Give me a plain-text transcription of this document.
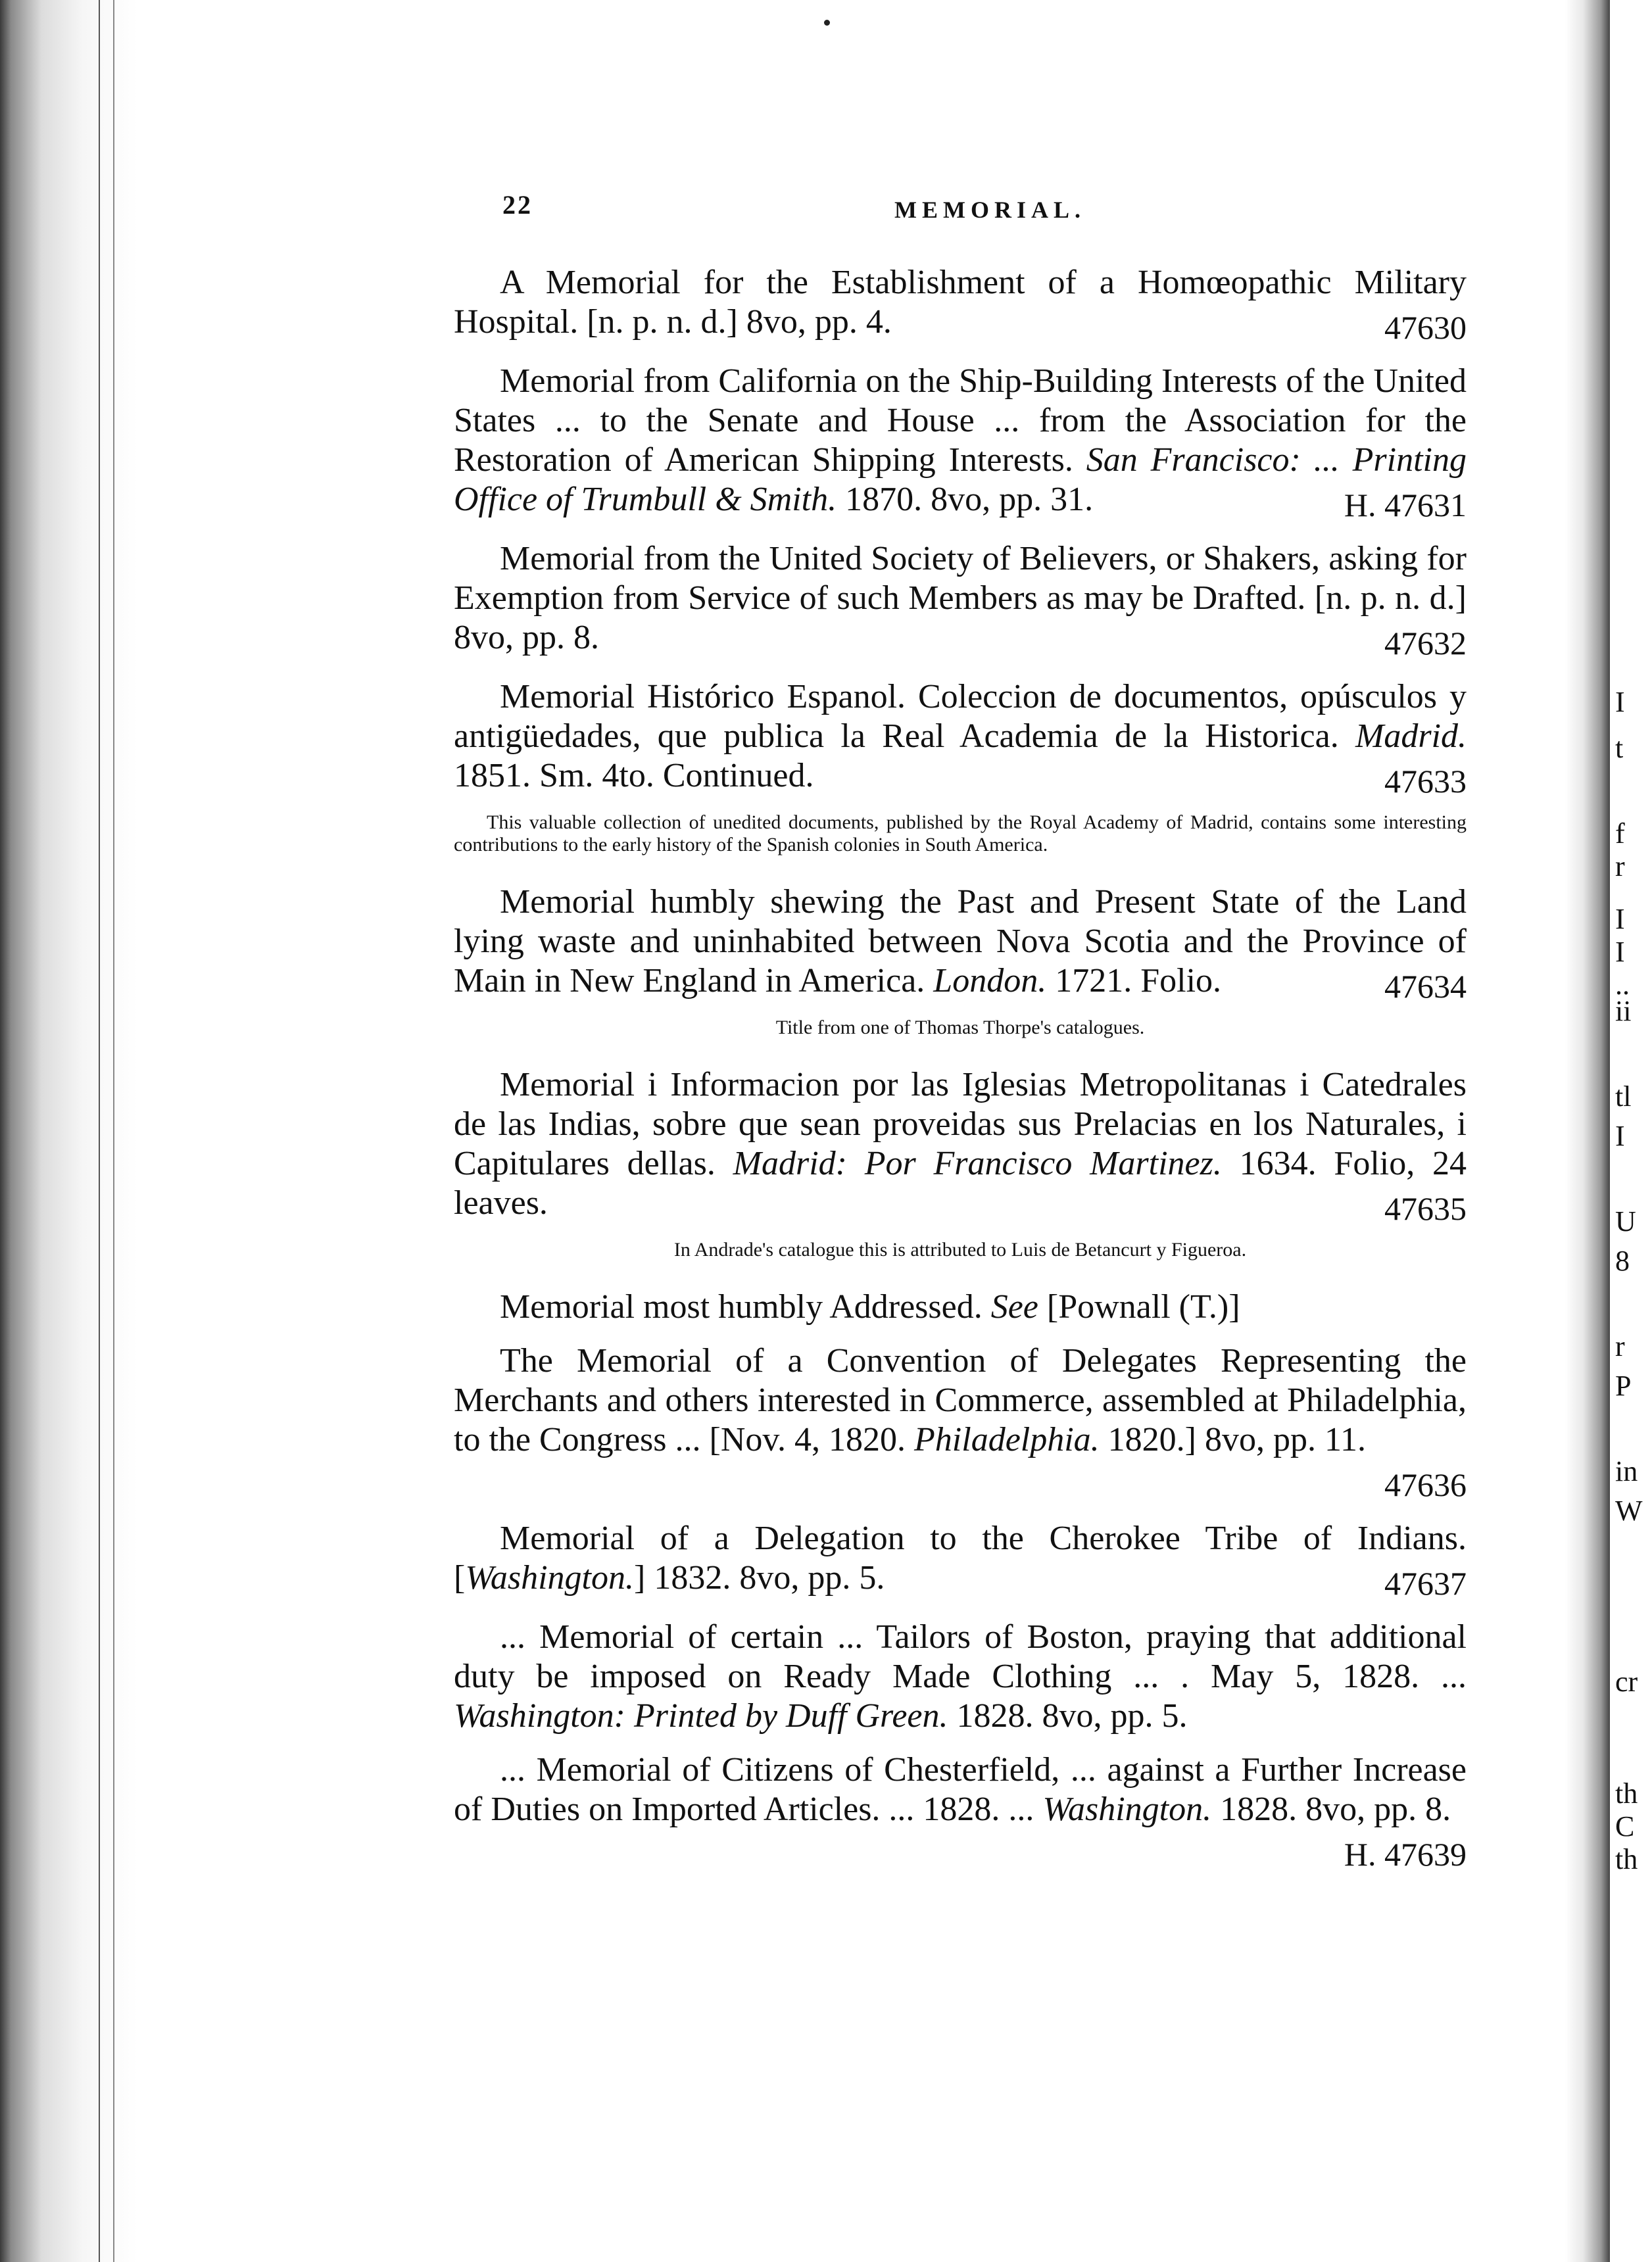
22	MEMORIAL.
A Memorial for the Establishment of a Homœopathic Military Hospital. [n. p. n. d.] 8vo, pp. 4.	47630
Memorial from California on the Ship-Building Interests of the United States ... to the Senate and House ... from the Association for the Restoration of American Shipping Interests. San Francisco: ... Printing Office of Trumbull & Smith. 1870. 8vo, pp. 31.	H. 47631
Memorial from the United Society of Believers, or Shakers, asking for Exemption from Service of such Members as may be Drafted. [n. p. n. d.] 8vo, pp. 8.	47632
Memorial Histórico Espanol. Coleccion de documentos, opúsculos y antigüedades, que publica la Real Academia de la Historica. Madrid. 1851. Sm. 4to. Continued.	47633
This valuable collection of unedited documents, published by the Royal Academy of Madrid, contains some interesting contributions to the early history of the Spanish colonies in South America.
Memorial humbly shewing the Past and Present State of the Land lying waste and uninhabited between Nova Scotia and the Province of Main in New England in America. London. 1721. Folio.	47634
Title from one of Thomas Thorpe's catalogues.
Memorial i Informacion por las Iglesias Metropolitanas i Catedrales de las Indias, sobre que sean proveidas sus Prelacias en los Naturales, i Capitulares dellas. Madrid: Por Francisco Martinez. 1634. Folio, 24 leaves.	47635
In Andrade's catalogue this is attributed to Luis de Betancurt y Figueroa.
Memorial most humbly Addressed. See [Pownall (T.)]
The Memorial of a Convention of Delegates Representing the Merchants and others interested in Commerce, assembled at Philadelphia, to the Congress ... [Nov. 4, 1820. Philadelphia. 1820.] 8vo, pp. 11.
47636
Memorial of a Delegation to the Cherokee Tribe of Indians. [Washington.] 1832. 8vo, pp. 5.	47637
... Memorial of certain ... Tailors of Boston, praying that additional duty be imposed on Ready Made Clothing ... . May 5, 1828. ... Washington: Printed by Duff Green. 1828. 8vo, pp. 5.
... Memorial of Citizens of Chesterfield, ... against a Further Increase of Duties on Imported Articles. ... 1828. ... Washington. 1828. 8vo, pp. 8.
H. 47639
I
t
f
r
I
I
..
ii
tl
I
U
8
r
P
in
W
cr
th
C
th
